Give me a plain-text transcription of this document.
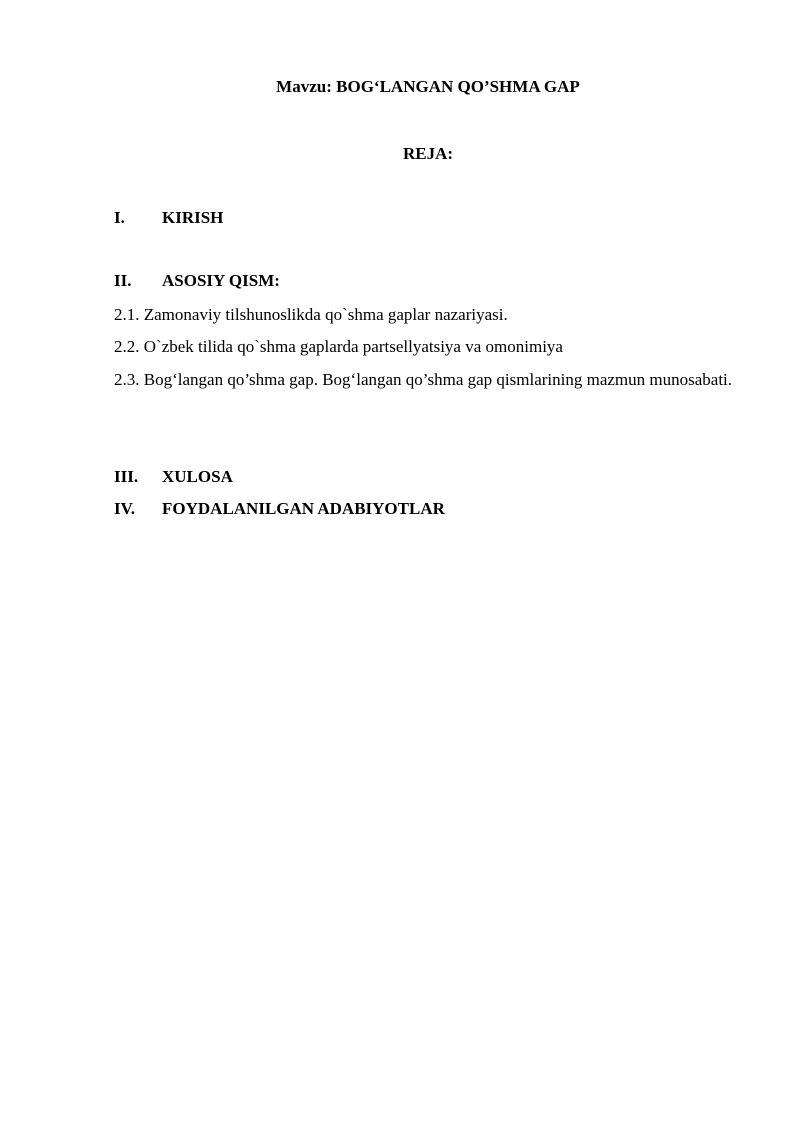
Mavzu: BOG‘LANGAN QO’SHMA GAP
REJA:
I. KIRISH
II. ASOSIY QISM:
2.1. Zamonaviy tilshunoslikda qo`shma gaplar nazariyasi.
2.2. O`zbek tilida qo`shma gaplarda partsellyatsiya va omonimiya
2.3. Bog‘langan qo’shma gap. Bog‘langan qo’shma gap qismlarining mazmun munosabati.
III. XULOSA
IV. FOYDALANILGAN ADABIYOTLAR
